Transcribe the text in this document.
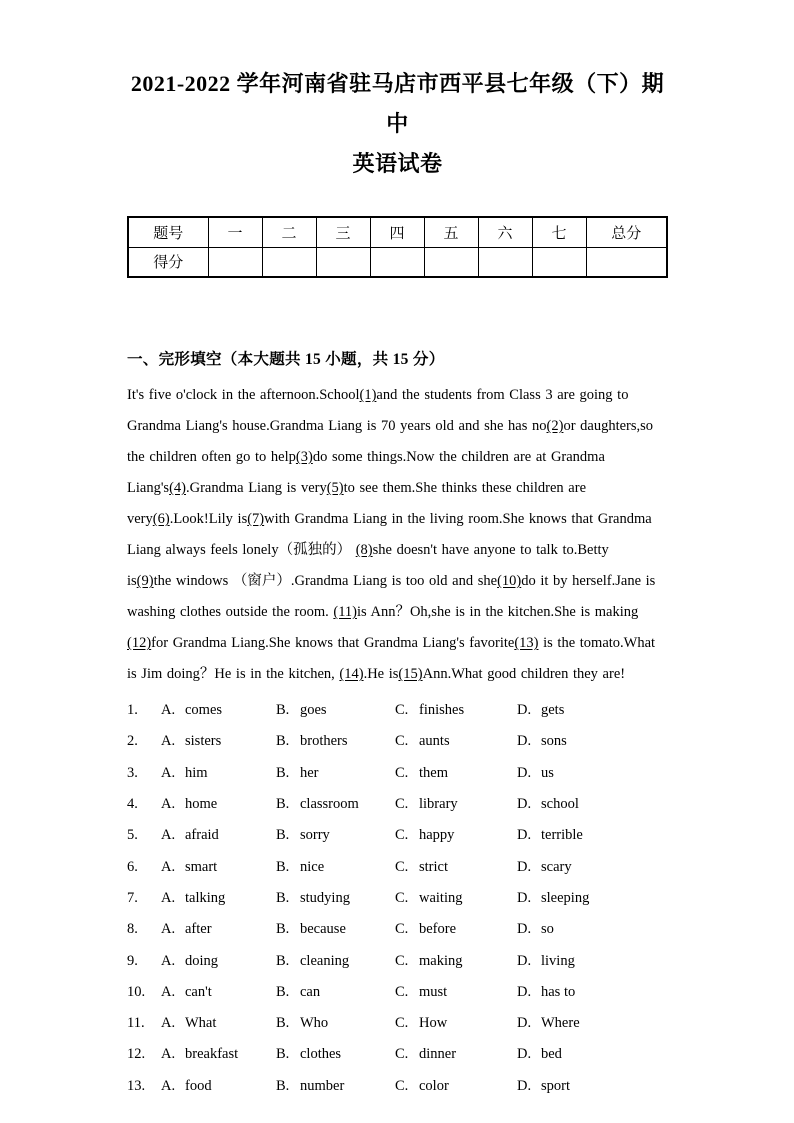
2021-2022 学年河南省驻马店市西平县七年级（下）期中
英语试卷
题号	一	二	三	四	五	六	七	总分
得分								
一、完形填空（本大题共 15 小题，共 15 分）

It's five o'clock in the afternoon.School(1)and the students from Class 3 are going to Grandma Liang's house.Grandma Liang is 70 years old and she has no(2)or daughters,so the children often go to help(3)do some things.Now the children are at Grandma Liang's(4).Grandma Liang is very(5)to see them.She thinks these children are very(6).Look!Lily is(7)with Grandma Liang in the living room.She knows that Grandma Liang always feels lonely（孤独的） (8)she doesn't have anyone to talk to.Betty is(9)the windows （窗户）.Grandma Liang is too old and she(10)do it by herself.Jane is washing clothes outside the room. (11)is Ann？Oh,she is in the kitchen.She is making (12)for Grandma Liang.She knows that Grandma Liang's favorite(13) is the tomato.What is Jim doing？He is in the kitchen, (14).He is(15)Ann.What good children they are!

1.	A. comes	B. goes	C. finishes	D. gets
2.	A. sisters	B. brothers	C. aunts	D. sons
3.	A. him	B. her	C. them	D. us
4.	A. home	B. classroom	C. library	D. school
5.	A. afraid	B. sorry	C. happy	D. terrible
6.	A. smart	B. nice	C. strict	D. scary
7.	A. talking	B. studying	C. waiting	D. sleeping
8.	A. after	B. because	C. before	D. so
9.	A. doing	B. cleaning	C. making	D. living
10.	A. can't	B. can	C. must	D. has to
11.	A. What	B. Who	C. How	D. Where
12.	A. breakfast	B. clothes	C. dinner	D. bed
13.	A. food	B. number	C. color	D. sport
